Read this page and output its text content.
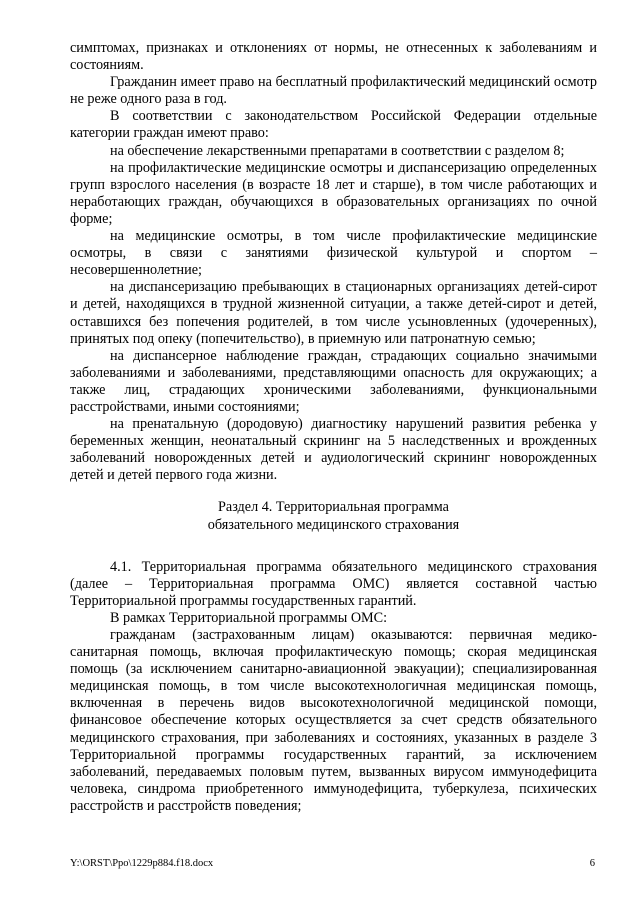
симптомах, признаках и отклонениях от нормы, не отнесенных к заболеваниям и состояниям.

Гражданин имеет право на бесплатный профилактический медицинский осмотр не реже одного раза в год.

В соответствии с законодательством Российской Федерации отдельные категории граждан имеют право:

на обеспечение лекарственными препаратами в соответствии с разделом 8;

на профилактические медицинские осмотры и диспансеризацию определенных групп взрослого населения (в возрасте 18 лет и старше), в том числе работающих и неработающих граждан, обучающихся в образовательных организациях по очной форме;

на медицинские осмотры, в том числе профилактические медицинские осмотры, в связи с занятиями физической культурой и спортом – несовершеннолетние;

на диспансеризацию пребывающих в стационарных организациях детей-сирот и детей, находящихся в трудной жизненной ситуации, а также детей-сирот и детей, оставшихся без попечения родителей, в том числе усыновленных (удочеренных), принятых под опеку (попечительство), в приемную или патронатную семью;

на диспансерное наблюдение граждан, страдающих социально значимыми заболеваниями и заболеваниями, представляющими опасность для окружающих; а также лиц, страдающих хроническими заболеваниями, функциональными расстройствами, иными состояниями;

на пренатальную (дородовую) диагностику нарушений развития ребенка у беременных женщин, неонатальный скрининг на 5 наследственных и врожденных заболеваний новорожденных детей и аудиологический скрининг новорожденных детей и детей первого года жизни.

Раздел 4. Территориальная программа
обязательного медицинского страхования

4.1. Территориальная программа обязательного медицинского страхования (далее – Территориальная программа ОМС) является составной частью Территориальной программы государственных гарантий.

В рамках Территориальной программы ОМС:

гражданам (застрахованным лицам) оказываются: первичная медико-санитарная помощь, включая профилактическую помощь; скорая медицинская помощь (за исключением санитарно-авиационной эвакуации); специализированная медицинская помощь, в том числе высокотехнологичная медицинская помощь, включенная в перечень видов высокотехнологичной медицинской помощи, финансовое обеспечение которых осуществляется за счет средств обязательного медицинского страхования, при заболеваниях и состояниях, указанных в разделе 3 Территориальной программы государственных гарантий, за исключением заболеваний, передаваемых половым путем, вызванных вирусом иммунодефицита человека, синдрома приобретенного иммунодефицита, туберкулеза, психических расстройств и расстройств поведения;

Y:\ORST\Ppo\1229p884.f18.docx	6
